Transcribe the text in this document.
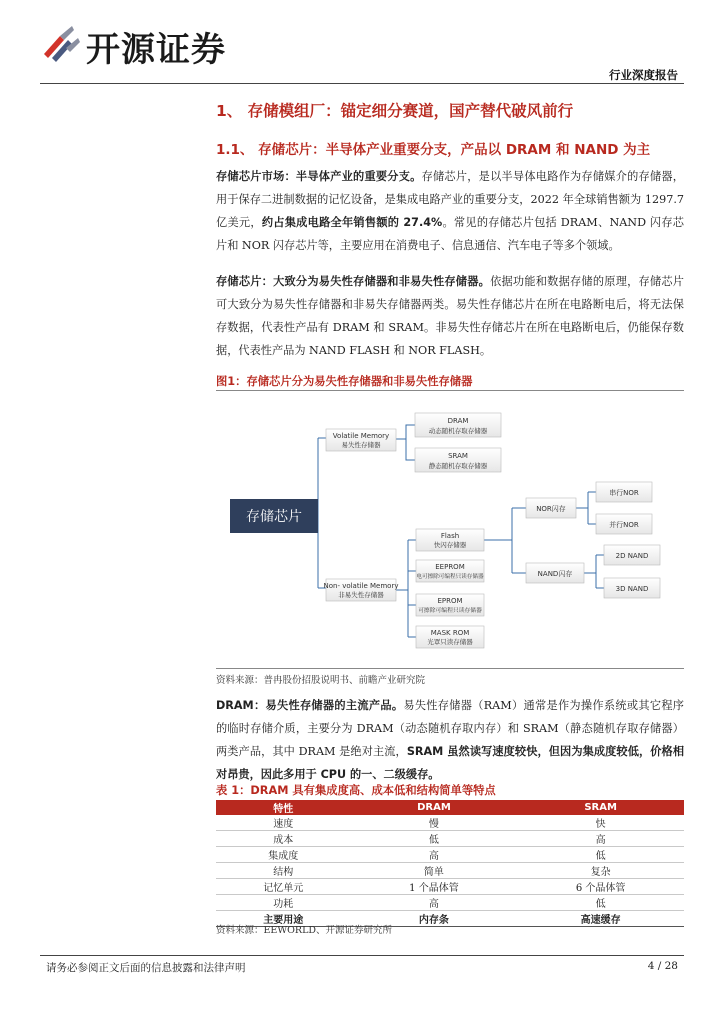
开源证券
行业深度报告
1、 存储模组厂：锚定细分赛道，国产替代破风前行
1.1、 存储芯片：半导体产业重要分支，产品以 DRAM 和 NAND 为主
存储芯片市场：半导体产业的重要分支。存储芯片，是以半导体电路作为存储媒介的存储器，用于保存二进制数据的记忆设备，是集成电路产业的重要分支，2022 年全球销售额为 1297.7 亿美元，约占集成电路全年销售额的 27.4%。常见的存储芯片包括 DRAM、NAND 闪存芯片和 NOR 闪存芯片等，主要应用在消费电子、信息通信、汽车电子等多个领域。
存储芯片：大致分为易失性存储器和非易失性存储器。依据功能和数据存储的原理，存储芯片可大致分为易失性存储器和非易失存储器两类。易失性存储芯片在所在电路断电后，将无法保存数据，代表性产品有 DRAM 和 SRAM。非易失性存储芯片在所在电路断电后，仍能保存数据，代表性产品为 NAND FLASH 和 NOR FLASH。
图1：存储芯片分为易失性存储器和非易失性存储器
存储芯片
Volatile Memory
易失性存储器
Non- volatile Memory
非易失性存储器
DRAM
动态随机存取存储器
SRAM
静态随机存取存储器
Flash
快闪存储器
EEPROM
电可擦除可编程只读存储器
EPROM
可擦除可编程只读存储器
MASK ROM
光罩只读存储器
NOR闪存
NAND闪存
串行NOR
并行NOR
2D NAND
3D NAND
资料来源：普冉股份招股说明书、前瞻产业研究院
DRAM：易失性存储器的主流产品。易失性存储器（RAM）通常是作为操作系统或其它程序的临时存储介质，主要分为 DRAM（动态随机存取内存）和 SRAM（静态随机存取存储器）两类产品，其中 DRAM 是绝对主流，SRAM 虽然读写速度较快，但因为集成度较低，价格相对昂贵，因此多用于 CPU 的一、二级缓存。
表 1：DRAM 具有集成度高、成本低和结构简单等特点
特性	DRAM	SRAM
速度	慢	快
成本	低	高
集成度	高	低
结构	简单	复杂
记忆单元	1 个晶体管	6 个晶体管
功耗	高	低
主要用途	内存条	高速缓存
资料来源：EEWORLD、开源证券研究所
请务必参阅正文后面的信息披露和法律声明	4 / 28
